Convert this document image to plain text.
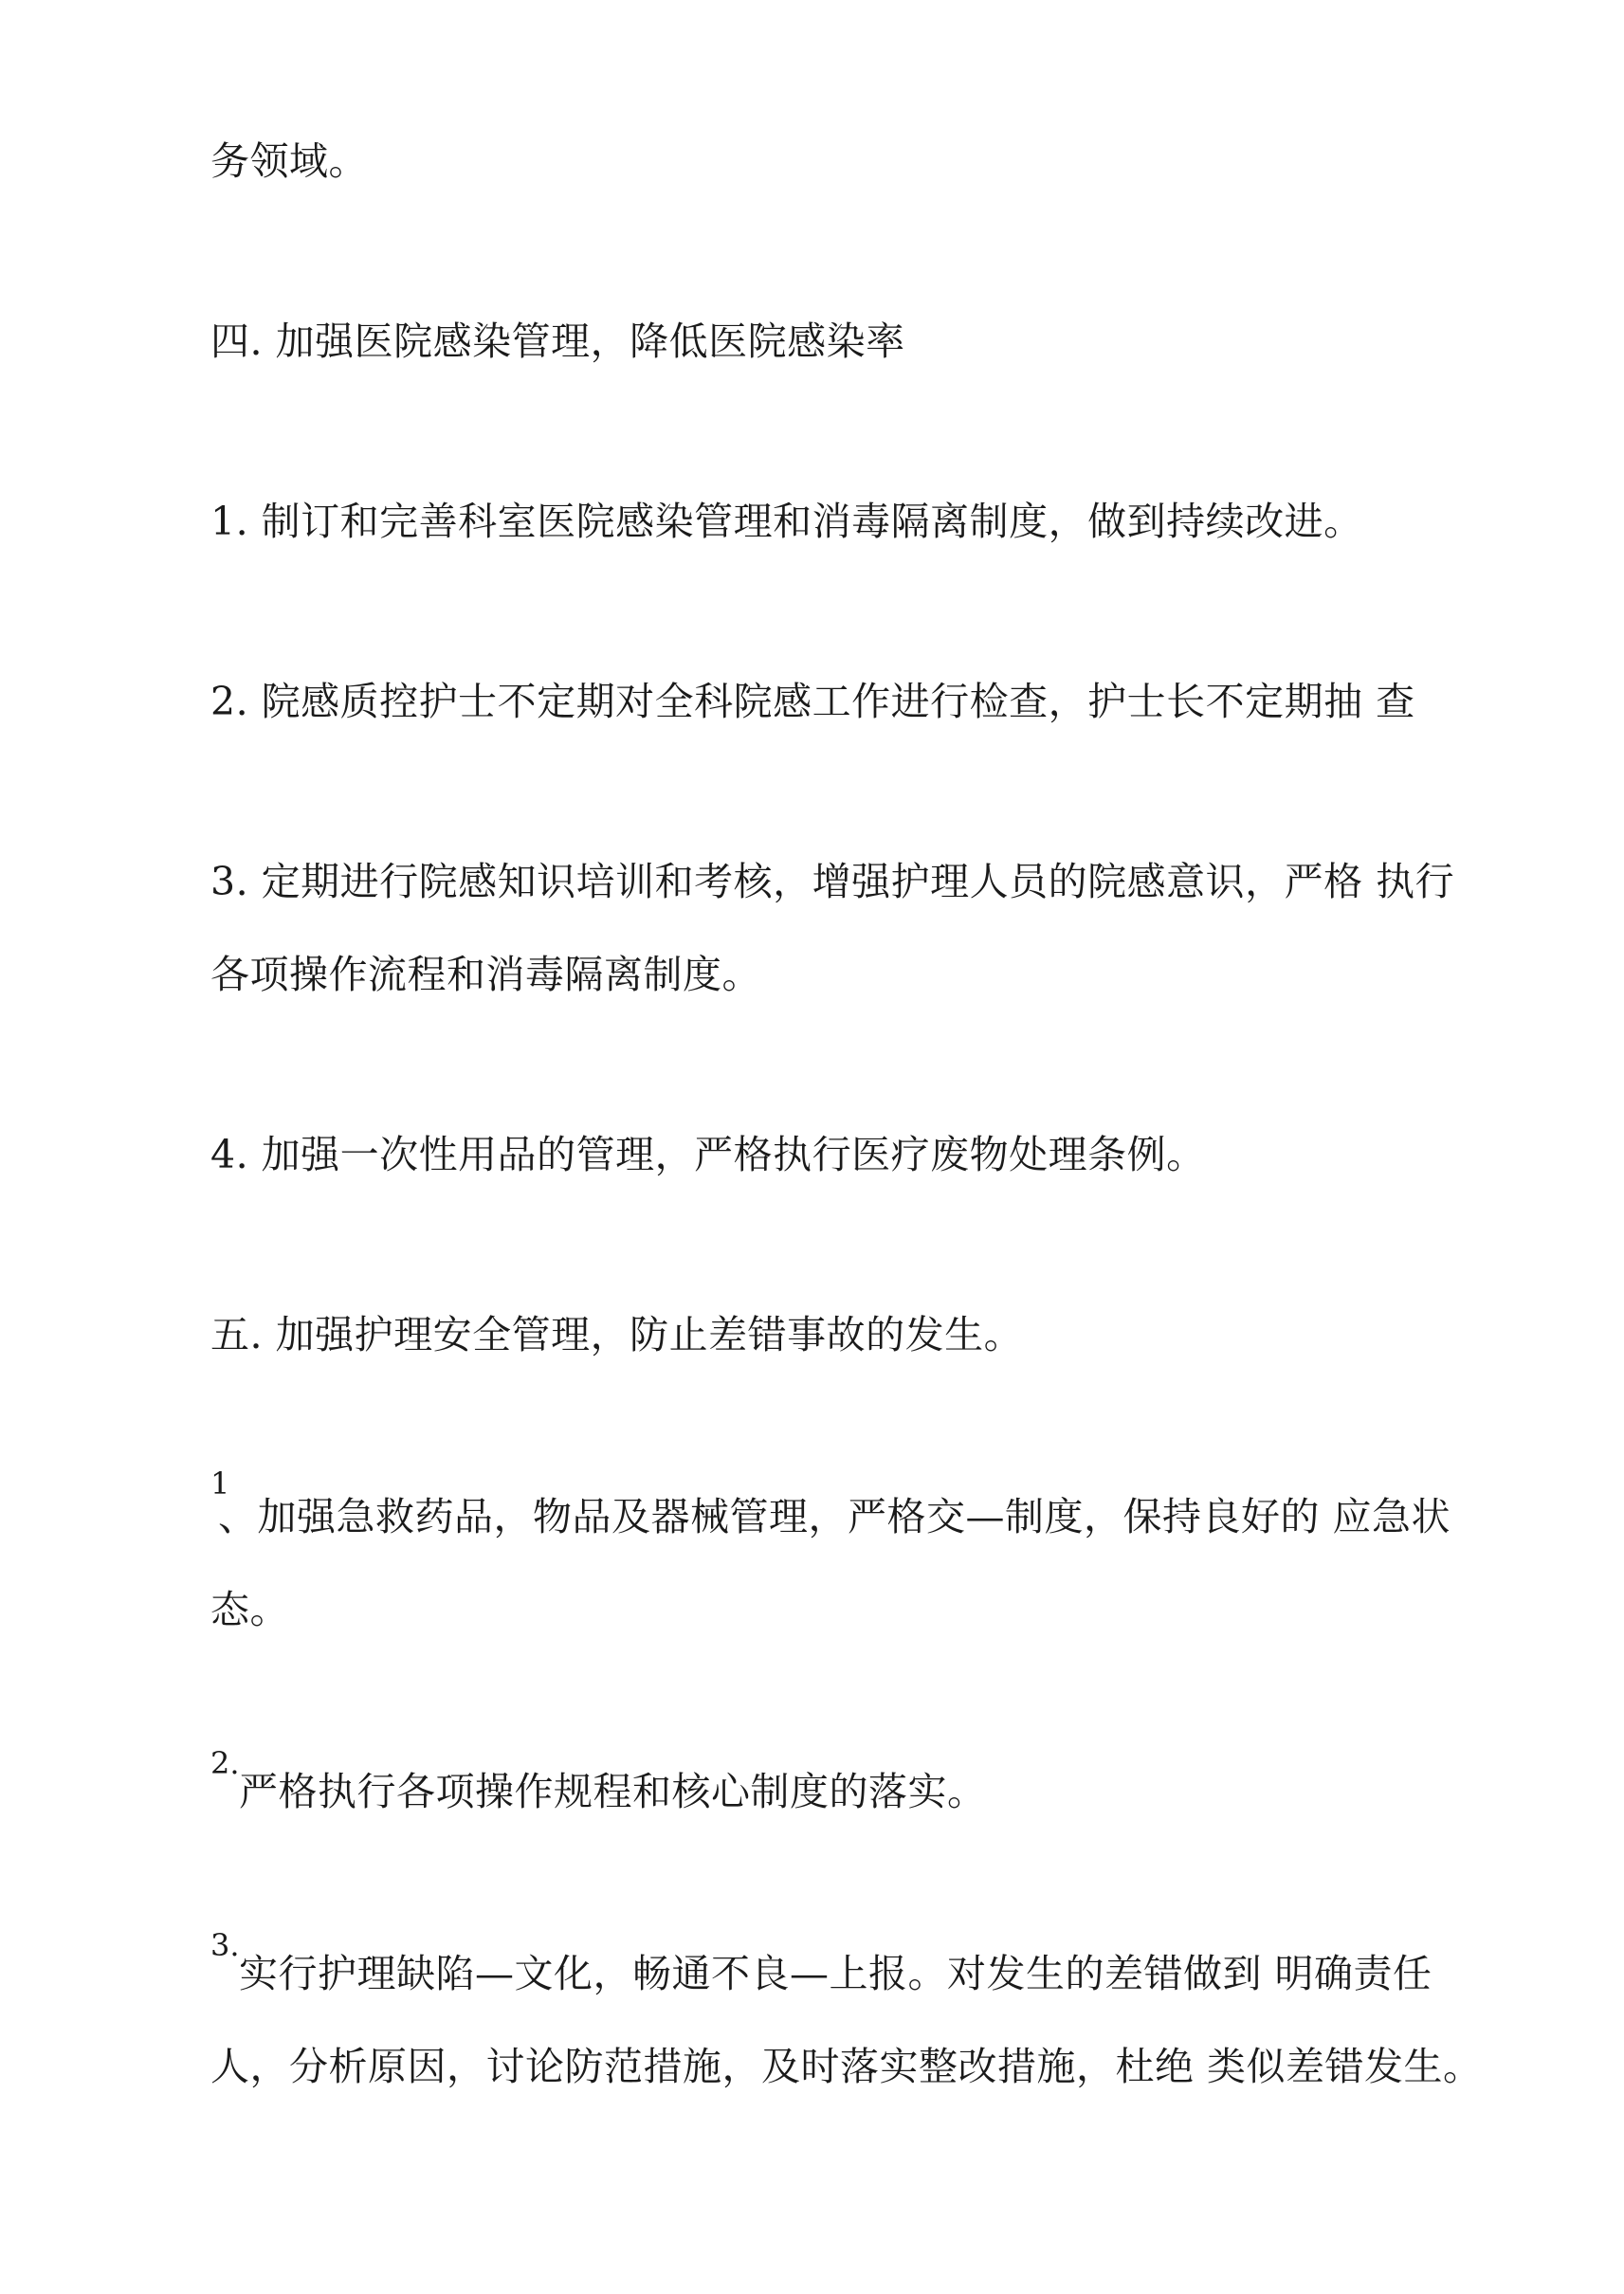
务领域。
四. 加强医院感染管理，降低医院感染率
1. 制订和完善科室医院感染管理和消毒隔离制度，做到持续改进。
2. 院感质控护士不定期对全科院感工作进行检查，护士长不定期抽 查
3. 定期进行院感知识培训和考核，增强护理人员的院感意识，严格 执行
各项操作流程和消毒隔离制度。
4. 加强一次性用品的管理，严格执行医疗废物处理条例。
五. 加强护理安全管理，防止差错事故的发生。
1
、加强急救药品，物品及器械管理，严格交—制度，保持良好的 应急状
态。
2.
严格执行各项操作规程和核心制度的落实。
3.
实行护理缺陷—文化，畅通不良—上报。对发生的差错做到 明确责任
人，分析原因，讨论防范措施，及时落实整改措施，杜绝 类似差错发生。
